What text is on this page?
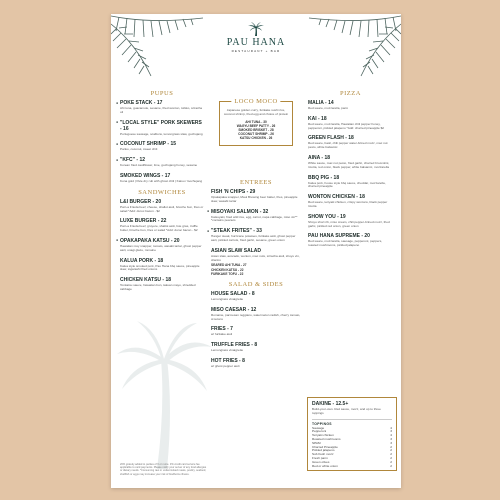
PAU HANA
RESTAURANT + BAR
PUPUS
● POKE STACK - 17
Ahi tuna, guacamole, sesame, fried wonton, tobiko, sriracha oil
● "LOCAL STYLE" PORK SKEWERS - 16
Portuguese sausage, scallions, lemongrass slaw, gochujang
● COCONUT SHRIMP - 15
Panko, coconut, sweet chili
● "KFC" - 12
Korean fried cauliflower, lime, gochujang honey, sesame
SMOKED WINGS - 17
Kona gold | Pele dry rub with ghost chili | Katsu / Gochujang
SANDWICHES
L&I BURGER - 20
Pat La Frieda beef, cheese, shallot aioli, brioche bun, fries or salad *Add: duroc bacon - $2
LUXE BURGER - 22
Pat La Frieda beef, gruyere, shallot aioli, foie gras, truffle butter, brioche bun, fries or salad *Add: duroc bacon - $2
● OPAKAPAKA KATSU - 20
Hawaiian rosy snapper, tomato, wasabi tartar, ghost pepper aioli, unagi glaze, romaine
KALUA PORK - 18
Kalua style smoked pork, Pau Hana bbq sauce, pineapple slaw, togarashi fried onions
CHICKEN KATSU - 18
Tonkatsu sauce, hawaiian bun, takuan mayo, shredded cabbage
20% gratuity added to parties of 6 or more. 3% credit card service fee applicable to card payments. Please notify your server of any food allergies or dietary needs. *Consuming raw or undercooked meats, poultry, seafood, shellfish or eggs may increase your risk of foodborne illness.
LOCO MOCO
Japanese golden curry, furikake sushi rice, coconut shrimp, fried egg and choice of protein
AHI TUNA - 30
WAGYU BEEF PATTY - 26
SMOKED BRISKET - 28
COCONUT SHRIMP - 26
KATSU CHICKEN - 26
ENTREES
FISH 'N CHIPS - 29
Opakapaka snapper, Maui Brewing beer batter, fries, pineapple slaw, wasabi tartar
● MISOYAKI SALMON - 32
Katsuyaki, fried wild rice, egg, carrot, napa cabbage, miso vin** *contains peanuts
● "STEAK FRITES" - 33
Hanger steak, hurricane potatoes, furikake aioli, ghost pepper aioli, pickled carrots, fried garlic, sesame, green onion
ASIAN SLAW SALAD
Asian slaw, avocado, wonton, mac nuts, sriracha aioli, shoyu vin, cilantro
SEARED AHI TUNA - 27
CHICKEN KATSU - 22
FURIKAKE TOFU - 22
SALAD & SIDES
HOUSE SALAD - 8
Lemongrass vinaigrette
MISO CAESAR - 12
Romaine, parmesan reggiano, watermelon radish, cherry tomato, croutons
FRIES - 7
w/ furikake aioli
TRUFFLE FRIES - 8
Lemongrass vinaigrette
HOT FRIES - 8
w/ ghost pepper aioli
PIZZA
MALIA - 14
Red sauce, mozzarella, parm
KAI - 18
Red sauce, mozzarella, Hawaiian chili pepper honey, pepperoni, pickled jalapeno *Add: charred pineapple $2
GREEN FLASH - 18
Red sauce, basil, chili pepper water-brined mozz, mac nut pesto, white balsamic
AINA - 18
White sauce, mac nut pesto, fried garlic, charred broccolini, ricotta, red onion, black pepper, white balsamic, mozzarella
BBQ PIG - 18
Kalua pork, house style bbq sauce, cheddar, mozzarella, charred pineapple
WONTON CHICKEN - 18
Red sauce, teriyaki chicken, crispy wontons, black pepper ricotta
SHOW YOU - 19
Shoyu short rib, miso cream, chili pepper-brined mozz, fried garlic, pickled red onion, green onion
PAU HANA SUPREME - 20
Red sauce, mozzarella, sausage, pepperoni, peppers, roasted mushrooms, pickled jalapeno
DAKINE - 12.5+
Build-your-own. Red sauce, mozz, and up to three toppings
TOPPINGS
Sausage	4
Pepperoni	3
Teriyaki chicken	4
Roasted mushrooms	3
SPAM	3
Charred Pineapple	2
Pickled jalapeno	2
Sub fresh mozz	2
Fresh parm	2
Green olives	2
Red or white onion	2
